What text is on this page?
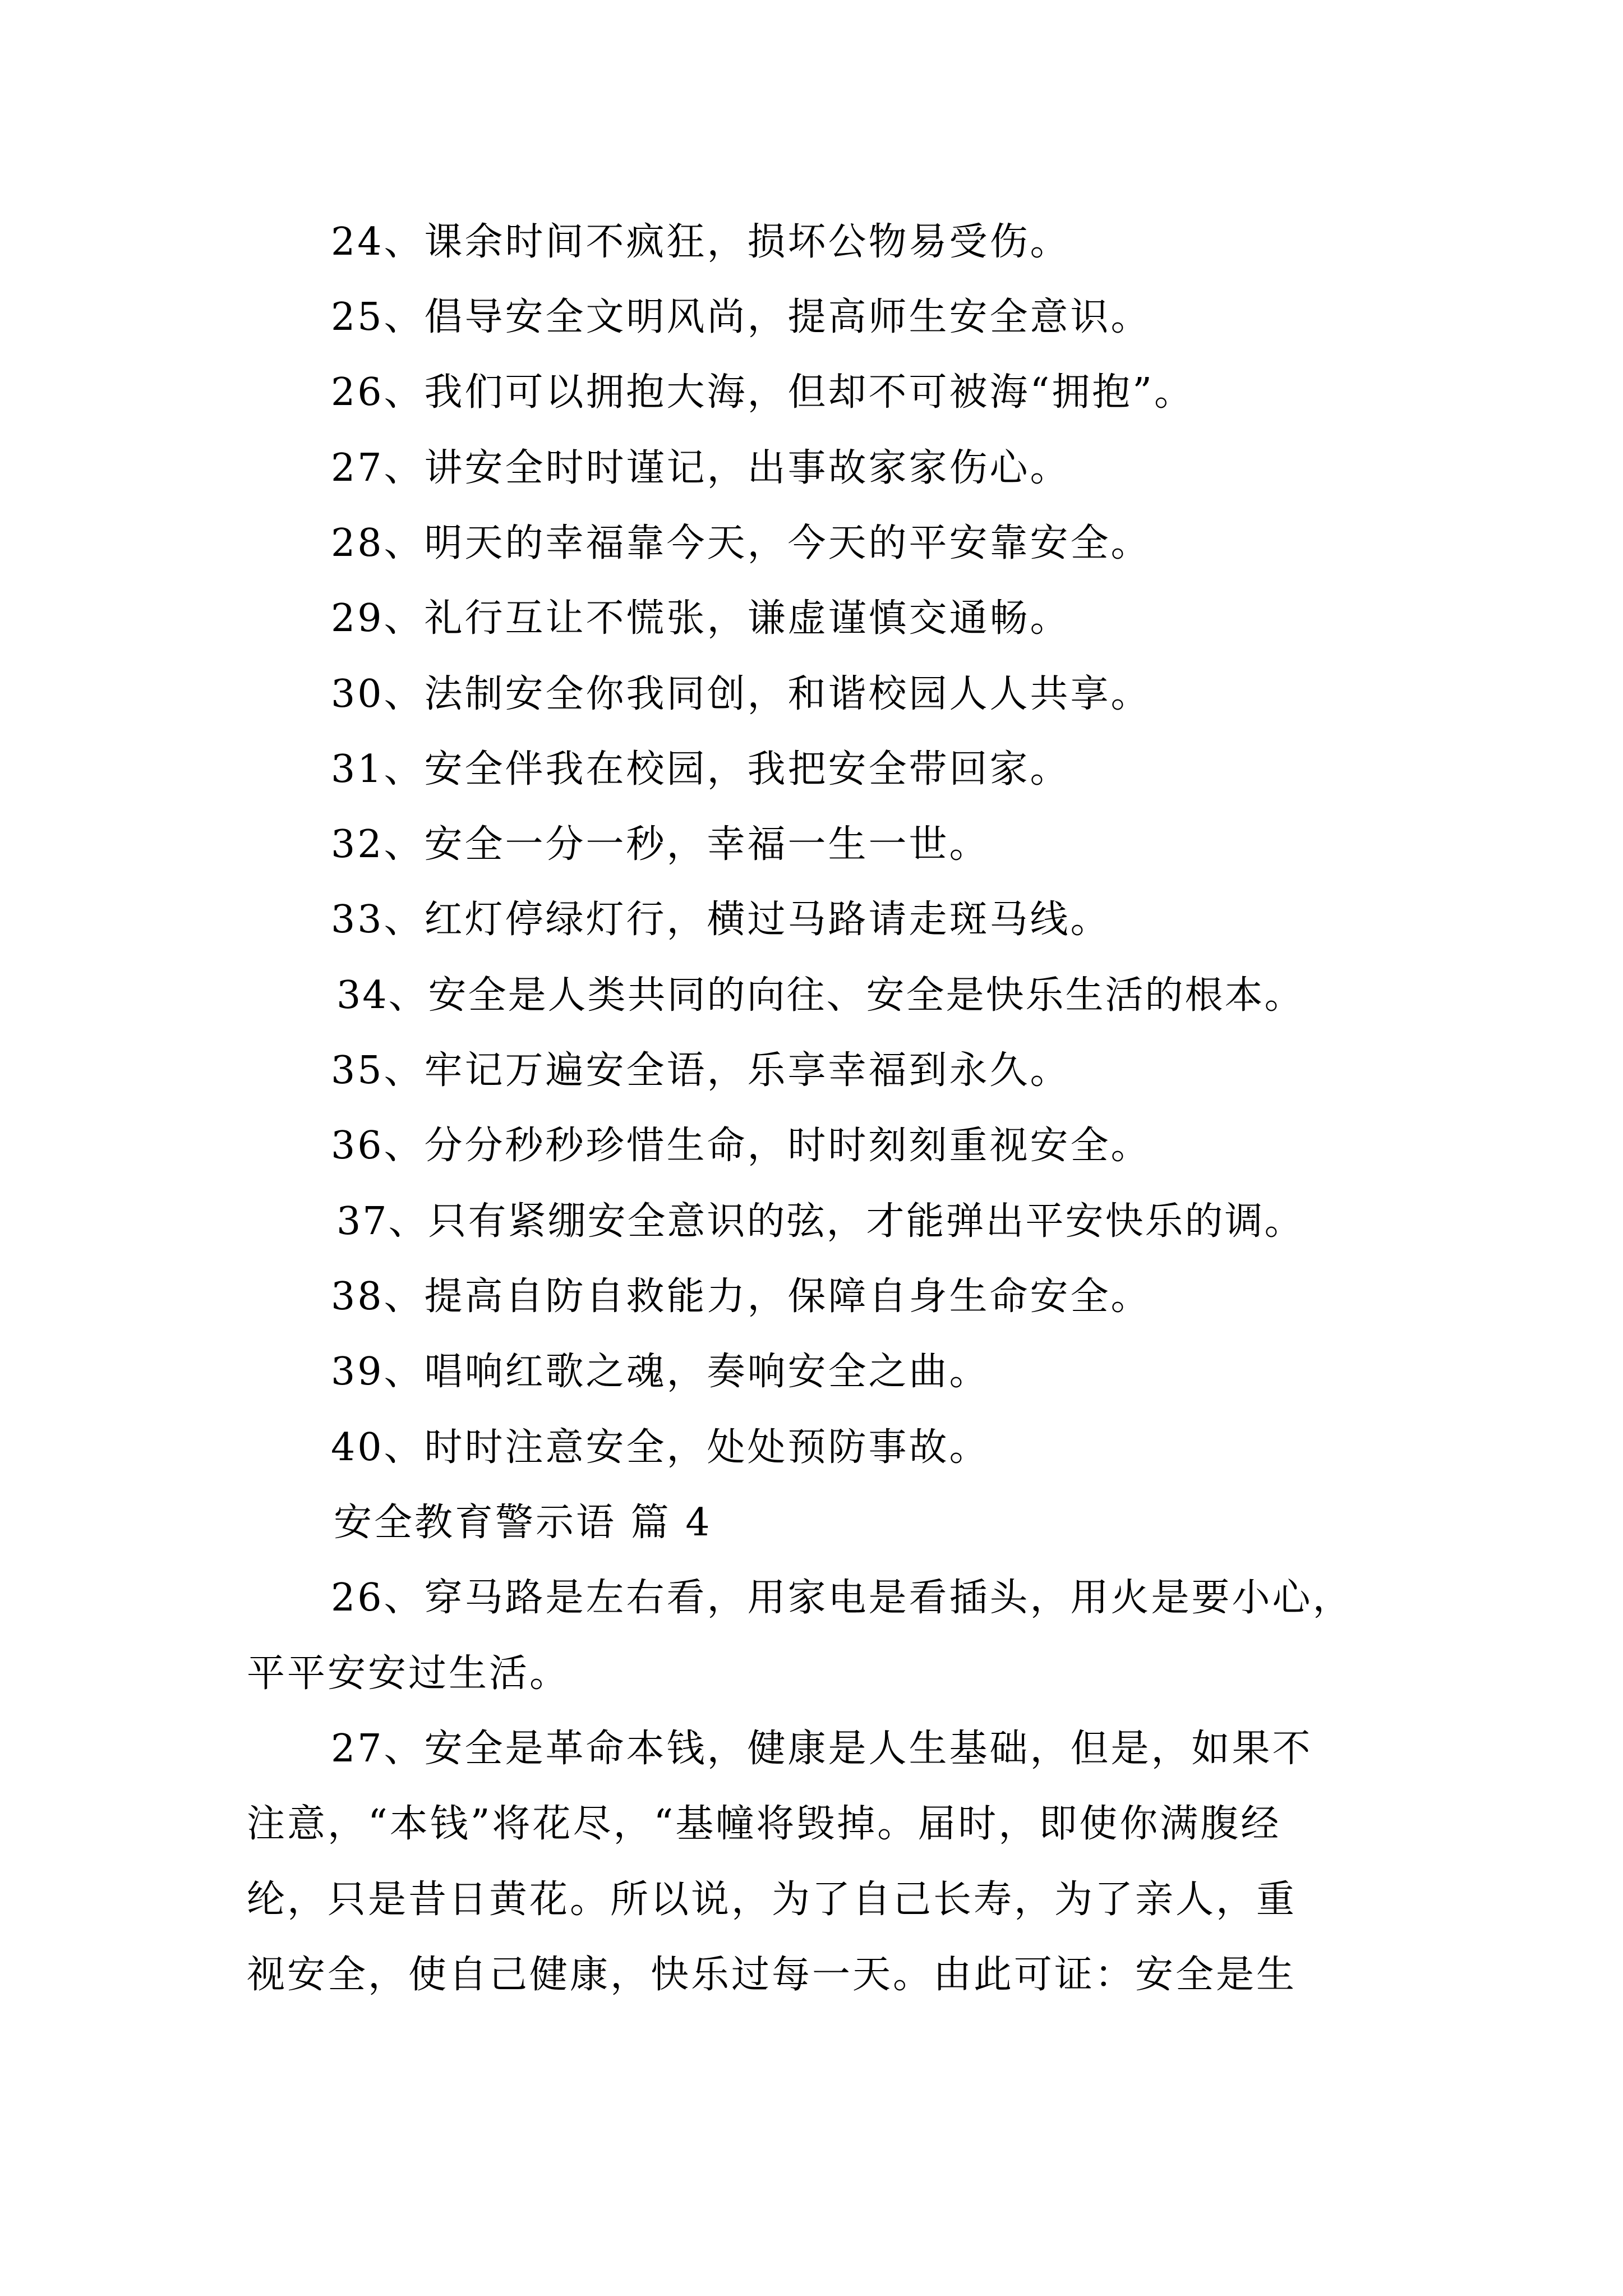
24、课余时间不疯狂，损坏公物易受伤。
25、倡导安全文明风尚，提高师生安全意识。
26、我们可以拥抱大海，但却不可被海“拥抱”。
27、讲安全时时谨记，出事故家家伤心。
28、明天的幸福靠今天，今天的平安靠安全。
29、礼行互让不慌张，谦虚谨慎交通畅。
30、法制安全你我同创，和谐校园人人共享。
31、安全伴我在校园，我把安全带回家。
32、安全一分一秒，幸福一生一世。
33、红灯停绿灯行，横过马路请走斑马线。
34、安全是人类共同的向往、安全是快乐生活的根本。
35、牢记万遍安全语，乐享幸福到永久。
36、分分秒秒珍惜生命，时时刻刻重视安全。
37、只有紧绷安全意识的弦，才能弹出平安快乐的调。
38、提高自防自救能力，保障自身生命安全。
39、唱响红歌之魂，奏响安全之曲。
40、时时注意安全，处处预防事故。
安全教育警示语 篇 4
26、穿马路是左右看，用家电是看插头，用火是要小心，
平平安安过生活。
27、安全是革命本钱，健康是人生基础，但是，如果不
注意，“本钱”将花尽，“基幢将毁掉。届时，即使你满腹经
纶，只是昔日黄花。所以说，为了自己长寿，为了亲人，重
视安全，使自己健康，快乐过每一天。由此可证：安全是生
